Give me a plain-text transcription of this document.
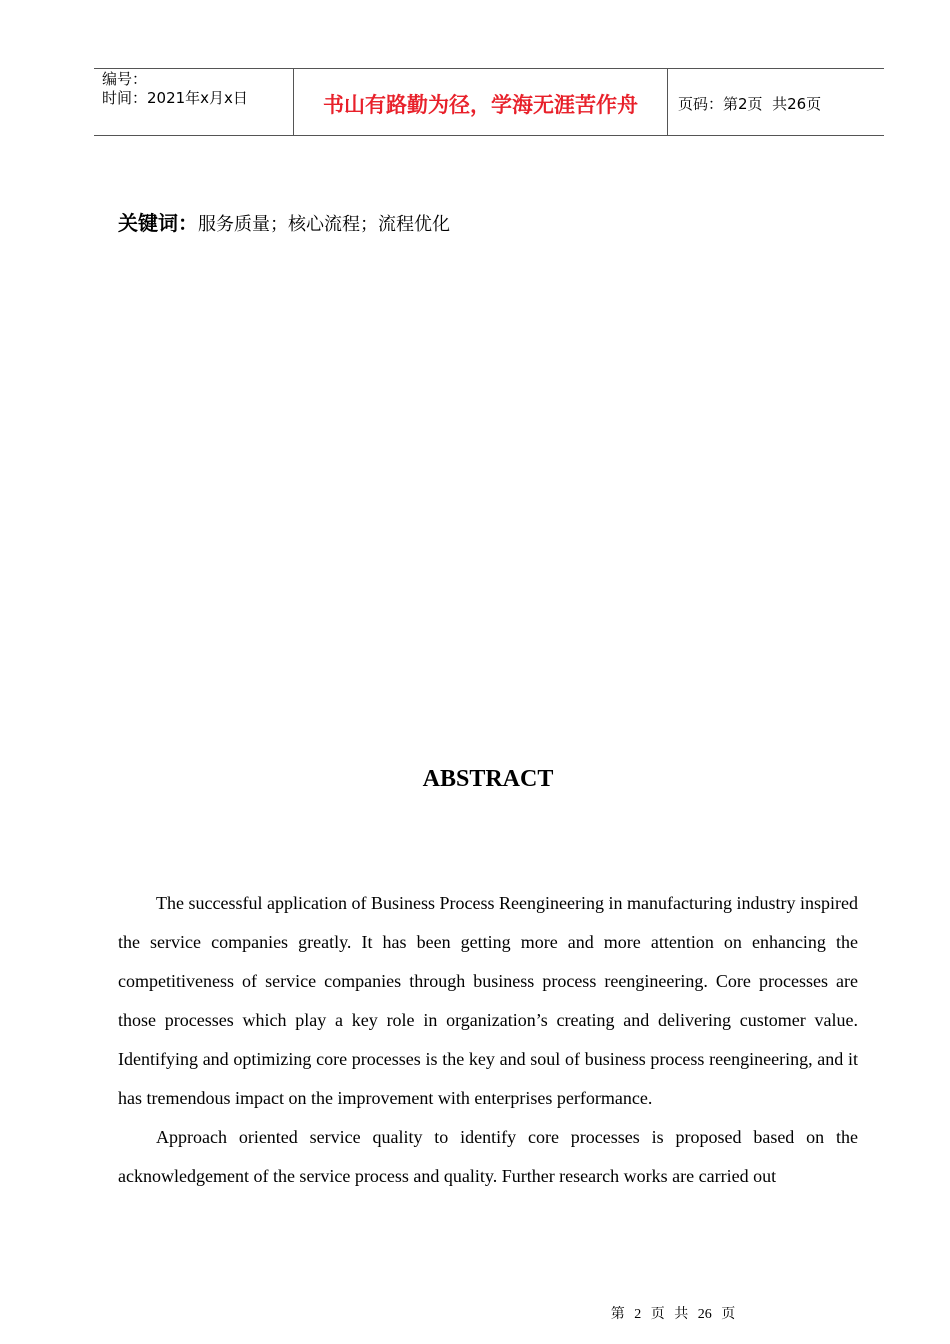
编号：
时间：2021年x月x日	书山有路勤为径，学海无涯苦作舟	页码：第2页  共26页
关键词：服务质量；核心流程；流程优化
ABSTRACT

The successful application of Business Process Reengineering in manufacturing industry inspired the service companies greatly. It has been getting more and more attention on enhancing the competitiveness of service companies through business process reengineering. Core processes are those processes which play a key role in organization’s creating and delivering customer value. Identifying and optimizing core processes is the key and soul of business process reengineering, and it has tremendous impact on the improvement with enterprises performance.

Approach oriented service quality to identify core processes is proposed based on the acknowledgement of the service process and quality. Further research works are carried out

第 2 页 共 26 页
